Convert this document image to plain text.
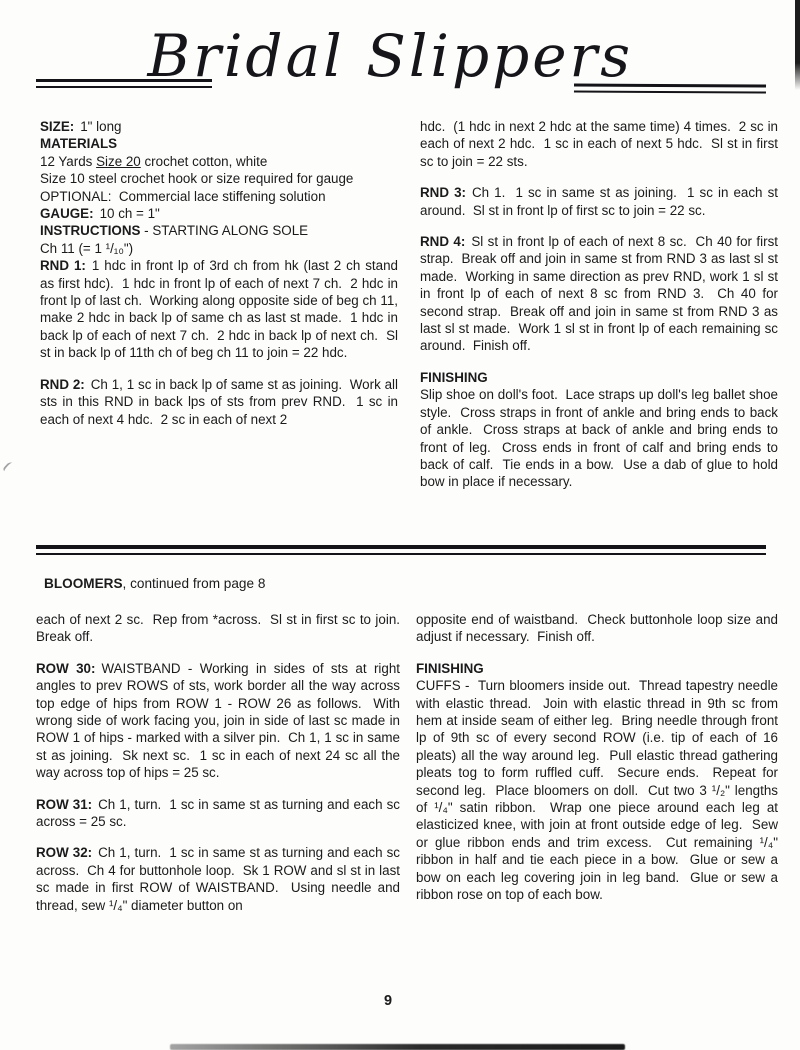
Bridal Slippers
SIZE: 1" long
MATERIALS
12 Yards Size 20 crochet cotton, white
Size 10 steel crochet hook or size required for gauge
OPTIONAL:  Commercial lace stiffening solution
GAUGE: 10 ch = 1"
INSTRUCTIONS - STARTING ALONG SOLE
Ch 11 (= 1 ¹/₁₀")

RND 1: 1 hdc in front lp of 3rd ch from hk (last 2 ch stand as first hdc).  1 hdc in front lp of each of next 7 ch.  2 hdc in front lp of last ch.  Working along opposite side of beg ch 11, make 2 hdc in back lp of same ch as last st made.  1 hdc in back lp of each of next 7 ch.  2 hdc in back lp of next ch.  Sl st in back lp of 11th ch of beg ch 11 to join = 22 hdc.

RND 2: Ch 1, 1 sc in back lp of same st as joining.  Work all sts in this RND in back lps of sts from prev RND.  1 sc in each of next 4 hdc.  2 sc in each of next 2

hdc.  (1 hdc in next 2 hdc at the same time) 4 times.  2 sc in each of next 2 hdc.  1 sc in each of next 5 hdc.  Sl st in first sc to join = 22 sts.

RND 3: Ch 1.  1 sc in same st as joining.  1 sc in each st around.  Sl st in front lp of first sc to join = 22 sc.

RND 4: Sl st in front lp of each of next 8 sc.  Ch 40 for first strap.  Break off and join in same st from RND 3 as last sl st made.  Working in same direction as prev RND, work 1 sl st in front lp of each of next 8 sc from RND 3.  Ch 40 for second strap.  Break off and join in same st from RND 3 as last sl st made.  Work 1 sl st in front lp of each remaining sc around.  Finish off.

FINISHING

Slip shoe on doll's foot.  Lace straps up doll's leg ballet shoe style.  Cross straps in front of ankle and bring ends to back of ankle.  Cross straps at back of ankle and bring ends to front of leg.  Cross ends in front of calf and bring ends to back of calf.  Tie ends in a bow.  Use a dab of glue to hold bow in place if necessary.

BLOOMERS, continued from page 8

each of next 2 sc.  Rep from *across.  Sl st in first sc to join.  Break off.

ROW 30: WAISTBAND - Working in sides of sts at right angles to prev ROWS of sts, work border all the way across top edge of hips from ROW 1 - ROW 26 as follows.  With wrong side of work facing you, join in side of last sc made in ROW 1 of hips - marked with a silver pin.  Ch 1, 1 sc in same st as joining.  Sk next sc.  1 sc in each of next 24 sc all the way across top of hips = 25 sc.

ROW 31: Ch 1, turn.  1 sc in same st as turning and each sc across = 25 sc.

ROW 32: Ch 1, turn.  1 sc in same st as turning and each sc across.  Ch 4 for buttonhole loop.  Sk 1 ROW and sl st in last sc made in first ROW of WAISTBAND.  Using needle and thread, sew ¹/₄" diameter button on

opposite end of waistband.  Check buttonhole loop size and adjust if necessary.  Finish off.

FINISHING

CUFFS -  Turn bloomers inside out.  Thread tapestry needle with elastic thread.  Join with elastic thread in 9th sc from hem at inside seam of either leg.  Bring needle through front lp of 9th sc of every second ROW (i.e. tip of each of 16 pleats) all the way around leg.  Pull elastic thread gathering pleats tog to form ruffled cuff.  Secure ends.  Repeat for second leg.  Place bloomers on doll.  Cut two 3 ¹/₂" lengths of ¹/₄" satin ribbon.  Wrap one piece around each leg at elasticized knee, with join at front outside edge of leg.  Sew or glue ribbon ends and trim excess.  Cut remaining ¹/₄" ribbon in half and tie each piece in a bow.  Glue or sew a bow on each leg covering join in leg band.  Glue or sew a ribbon rose on top of each bow.

9
